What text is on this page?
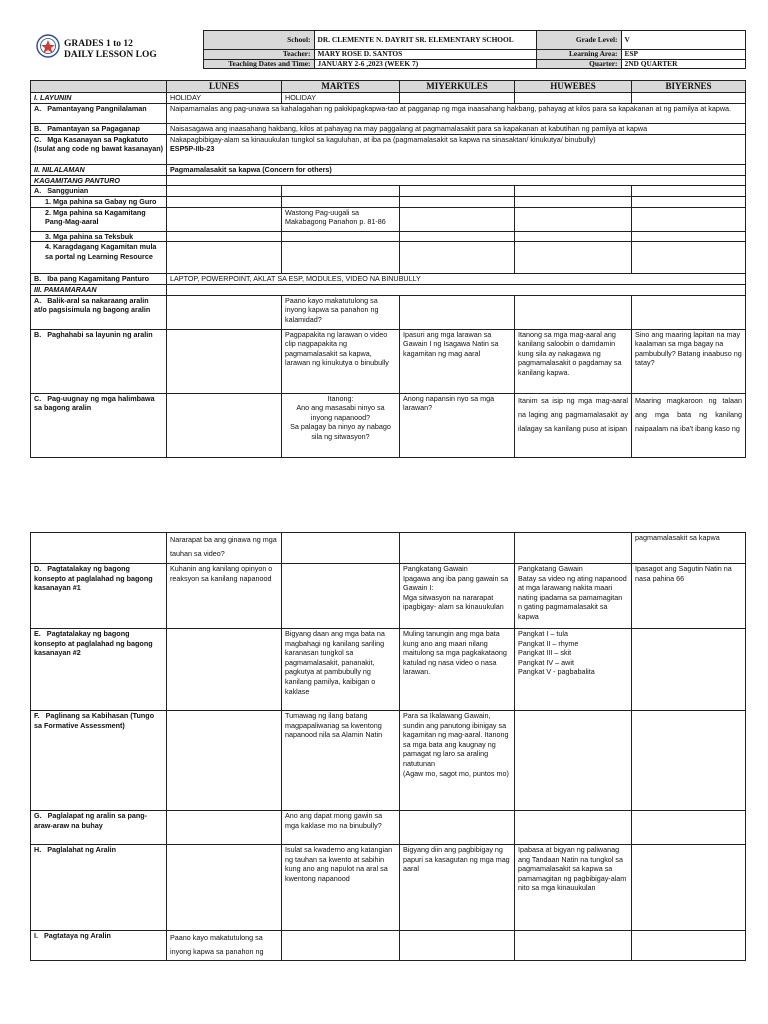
GRADES 1 to 12
DAILY LESSON LOG	School:	DR. CLEMENTE N. DAYRIT SR. ELEMENTARY SCHOOL	Grade Level:	V
	Teacher:	MARY ROSE D. SANTOS	Learning Area:	ESP
	Teaching Dates and Time:	JANUARY 2-6 ,2023 (WEEK 7)	Quarter:	2ND QUARTER
	LUNES	MARTES	MIYERKULES	HUWEBES	BIYERNES
I. LAYUNIN	HOLIDAY	HOLIDAY			
A. Pamantayang Pangnilalaman	Naipamamalas ang pag-unawa sa kahalagahan ng pakikipagkapwa-tao at pagganap ng mga inaasahang hakbang, pahayag at kilos para sa kapakanan at ng pamilya at kapwa.				
B. Pamantayan sa Pagaganap	Naisasagawa ang inaasahang hakbang, kilos at pahayag na may paggalang at pagmamalasakit para sa kapakanan at kabutihan ng pamilya at kapwa				
C. Mga Kasanayan sa Pagkatuto (Isulat ang code ng bawat kasanayan)	Nakapagbibigay-alam sa kinauukulan tungkol sa kaguluhan, at iba pa (pagmamalasakit sa kapwa na sinasaktan/ kinukutya/ binubully)
ESP5P-IIb-23				

II. NILALAMAN	Pagmamalasakit sa kapwa (Concern for others)				
KAGAMITANG PANTURO					
A. Sanggunian					
1. Mga pahina sa Gabay ng Guro					
2. Mga pahina sa Kagamitang Pang-Mag-aaral		Wastong Pag-uugali sa Makabagong Panahon p. 81-86			
3. Mga pahina sa Teksbuk					
4. Karagdagang Kagamitan mula sa portal ng Learning Resource					
B. Iba pang Kagamitang Panturo	LAPTOP, POWERPOINT, AKLAT SA ESP, MODULES, VIDEO NA BINUBULLY				
III. PAMAMARAAN					
A. Balik-aral sa nakaraang aralin at/o pagsisimula ng bagong aralin		Paano kayo makatutulong sa inyong kapwa sa panahon ng kalamidad?			
B. Paghahabi sa layunin ng aralin		Pagpapakita ng larawan o video clip nagpapakita ng pagmamalasakit sa kapwa, larawan ng kinukutya o binubully	Ipasuri ang mga larawan sa Gawain I ng Isagawa Natin sa kagamitan ng mag aaral	Itanong sa mga mag-aaral ang kanilang saloobin o damdamin kung sila ay nakagawa ng pagmamalasakit o pagdamay sa kanilang kapwa.	Sino ang maaring lapitan na may kaalaman sa mga bagay na pambubully? Batang inaabuso ng tatay?
C. Pag-uugnay ng mga halimbawa sa bagong aralin		Itanong:
Ano ang masasabi ninyo sa inyong napanood?
Sa palagay ba ninyo ay nabago sila ng sitwasyon?	Anong napansin nyo sa mga larawan?	Itanim sa isip ng mga mag-aaral na laging ang pagmamalasakit ay ilalagay sa kanilang puso at isipan	Maaring magkaroon ng talaan ang mga bata ng kanilang naipaalam na iba't ibang kaso ng
	Nararapat ba ang ginawa ng mga tauhan sa video?				pagmamalasakit sa kapwa
D. Pagtatalakay ng bagong konsepto at paglalahad ng bagong kasanayan #1	Kuhanin ang kanilang opinyon o reaksyon sa kanilang napanood		Pangkatang Gawain
Ipagawa ang iba pang gawain sa Gawain I:
Mga sitwasyon na nararapat ipagbigay- alam sa kinauukulan	Pangkatang Gawain
Batay sa video ng ating napanood at mga larawang nakita maari nating ipadama sa pamamagitan n gating pagmamalasakit sa kapwa	Ipasagot ang Sagutin Natin na nasa pahina 66
E. Pagtatalakay ng bagong konsepto at paglalahad ng bagong kasanayan #2		Bigyang daan ang mga bata na magbahagi ng kanilang sariling karanasan tungkol sa pagmamalasakit, pananakit, pagkutya at pambubully ng kanilang pamilya, kaibigan o kaklase	Muling tanungin ang mga bata kung ano ang maari nilang maitulong sa mga pagkakataong katulad ng nasa video o nasa larawan.	Pangkat I – tula
Pangkat II – rhyme
Pangkat III – skit
Pangkat IV – awit
Pangkat V - pagbabalita	
F. Paglinang sa Kabihasan (Tungo sa Formative Assessment)		Tumawag ng ilang batang magpapaliwanag sa kwentong napanood nila sa Alamin Natin	Para sa Ikalawang Gawain, sundin ang panutong ibinigay sa kagamitan ng mag-aaral. Itanong sa mga bata ang kaugnay ng pamagat ng laro sa araling natutunan
(Agaw mo, sagot mo, puntos mo)		
G. Paglalapat ng aralin sa pang-araw-araw na buhay		Ano ang dapat mong gawin sa mga kaklase mo na binubully?			
H. Paglalahat ng Aralin		Isulat sa kwaderno ang katangian ng tauhan sa kwento at sabihin kung ano ang napulot na aral sa kwentong napanood	Bigyang diin ang pagbibigay ng papuri sa kasagutan ng mga mag aaral	Ipabasa at bigyan ng paliwanag ang Tandaan Natin na tungkol sa pagmamalasakit sa kapwa sa pamamagitan ng pagbibigay-alam nito sa mga kinauukulan	
I. Pagtataya ng Aralin	Paano kayo makatutulong sa inyong kapwa sa panahon ng				
